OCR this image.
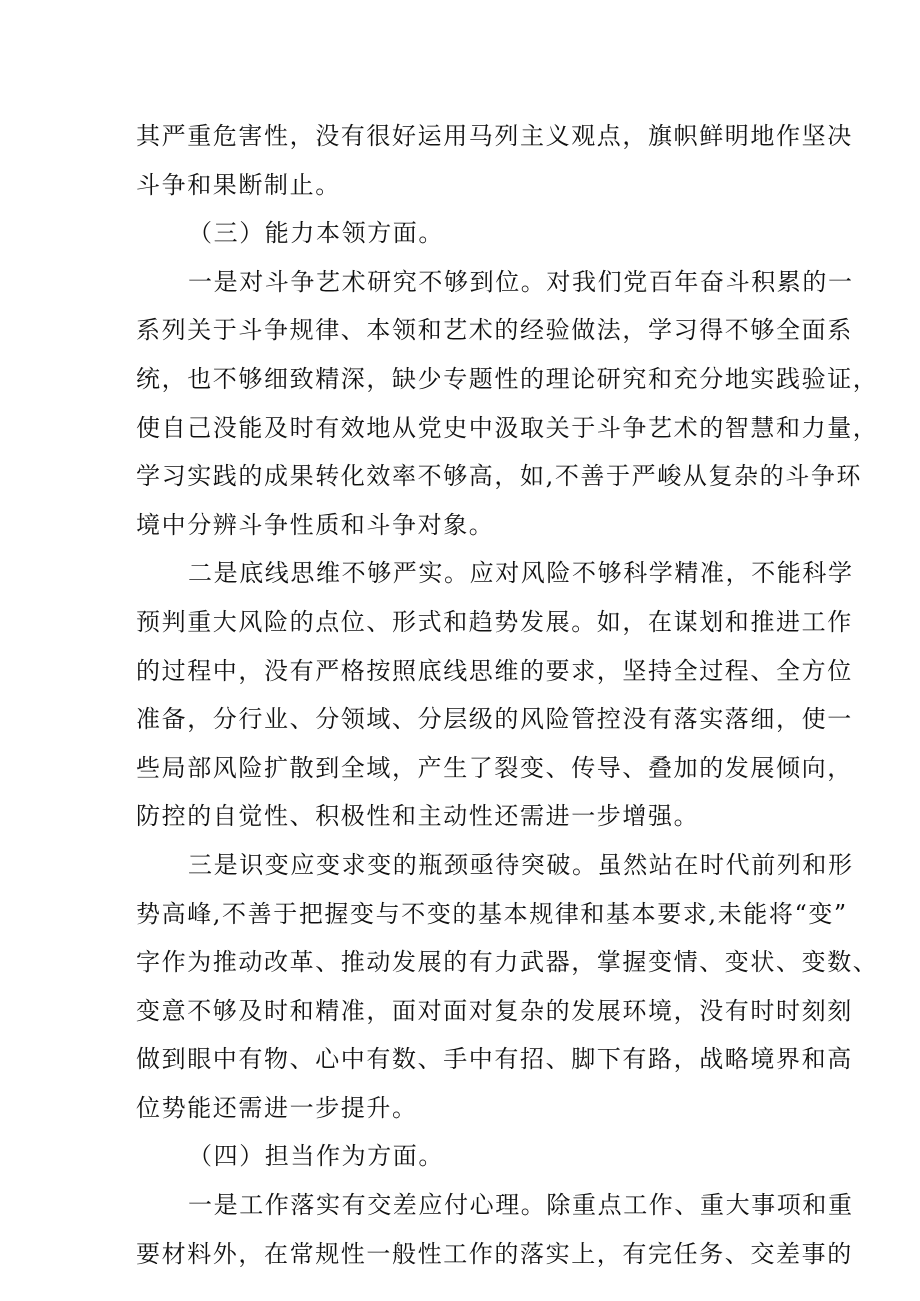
其严重危害性，没有很好运用马列主义观点，旗帜鲜明地作坚决
斗争和果断制止。

（三）能力本领方面。

一是对斗争艺术研究不够到位。对我们党百年奋斗积累的一
系列关于斗争规律、本领和艺术的经验做法，学习得不够全面系
统，也不够细致精深，缺少专题性的理论研究和充分地实践验证，
使自己没能及时有效地从党史中汲取关于斗争艺术的智慧和力量，
学习实践的成果转化效率不够高，如,不善于严峻从复杂的斗争环
境中分辨斗争性质和斗争对象。

二是底线思维不够严实。应对风险不够科学精准，不能科学
预判重大风险的点位、形式和趋势发展。如，在谋划和推进工作
的过程中，没有严格按照底线思维的要求，坚持全过程、全方位
准备，分行业、分领域、分层级的风险管控没有落实落细，使一
些局部风险扩散到全域，产生了裂变、传导、叠加的发展倾向，
防控的自觉性、积极性和主动性还需进一步增强。

三是识变应变求变的瓶颈亟待突破。虽然站在时代前列和形
势高峰,不善于把握变与不变的基本规律和基本要求,未能将“变”
字作为推动改革、推动发展的有力武器，掌握变情、变状、变数、
变意不够及时和精准，面对面对复杂的发展环境，没有时时刻刻
做到眼中有物、心中有数、手中有招、脚下有路，战略境界和高
位势能还需进一步提升。

（四）担当作为方面。

一是工作落实有交差应付心理。除重点工作、重大事项和重
要材料外，在常规性一般性工作的落实上，有完任务、交差事的
